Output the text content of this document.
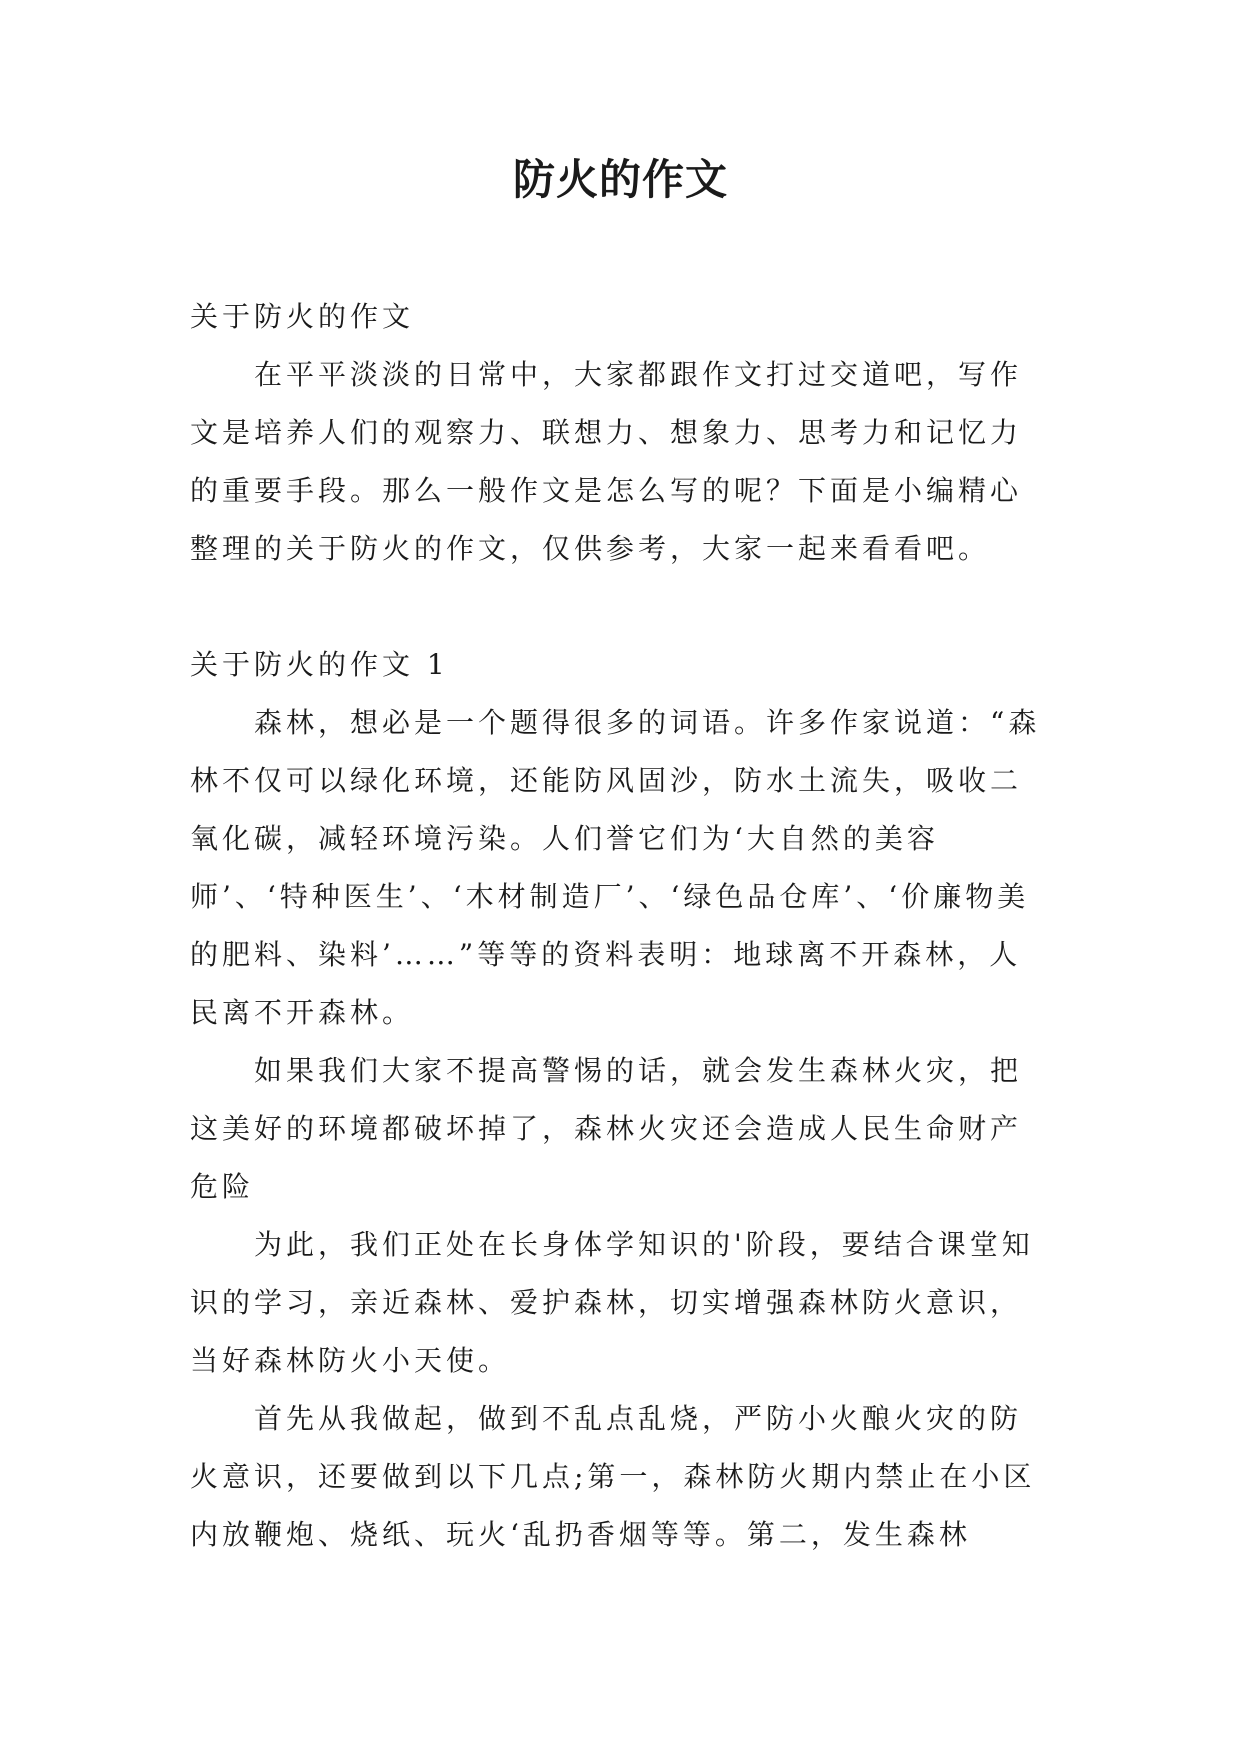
防火的作文

关于防火的作文

在平平淡淡的日常中，大家都跟作文打过交道吧，写作文是培养人们的观察力、联想力、想象力、思考力和记忆力的重要手段。那么一般作文是怎么写的呢？下面是小编精心整理的关于防火的作文，仅供参考，大家一起来看看吧。

关于防火的作文 1

森林，想必是一个题得很多的词语。许多作家说道：“森林不仅可以绿化环境，还能防风固沙，防水土流失，吸收二氧化碳，减轻环境污染。人们誉它们为‘大自然的美容师’、‘特种医生’、‘木材制造厂’、‘绿色品仓库’、‘价廉物美的肥料、染料’……”等等的资料表明：地球离不开森林，人民离不开森林。

如果我们大家不提高警惕的话，就会发生森林火灾，把这美好的环境都破坏掉了，森林火灾还会造成人民生命财产危险

为此，我们正处在长身体学知识的'阶段，要结合课堂知识的学习，亲近森林、爱护森林，切实增强森林防火意识，当好森林防火小天使。

首先从我做起，做到不乱点乱烧，严防小火酿火灾的防火意识，还要做到以下几点;第一，森林防火期内禁止在小区内放鞭炮、烧纸、玩火‘乱扔香烟等等。第二，发生森林
